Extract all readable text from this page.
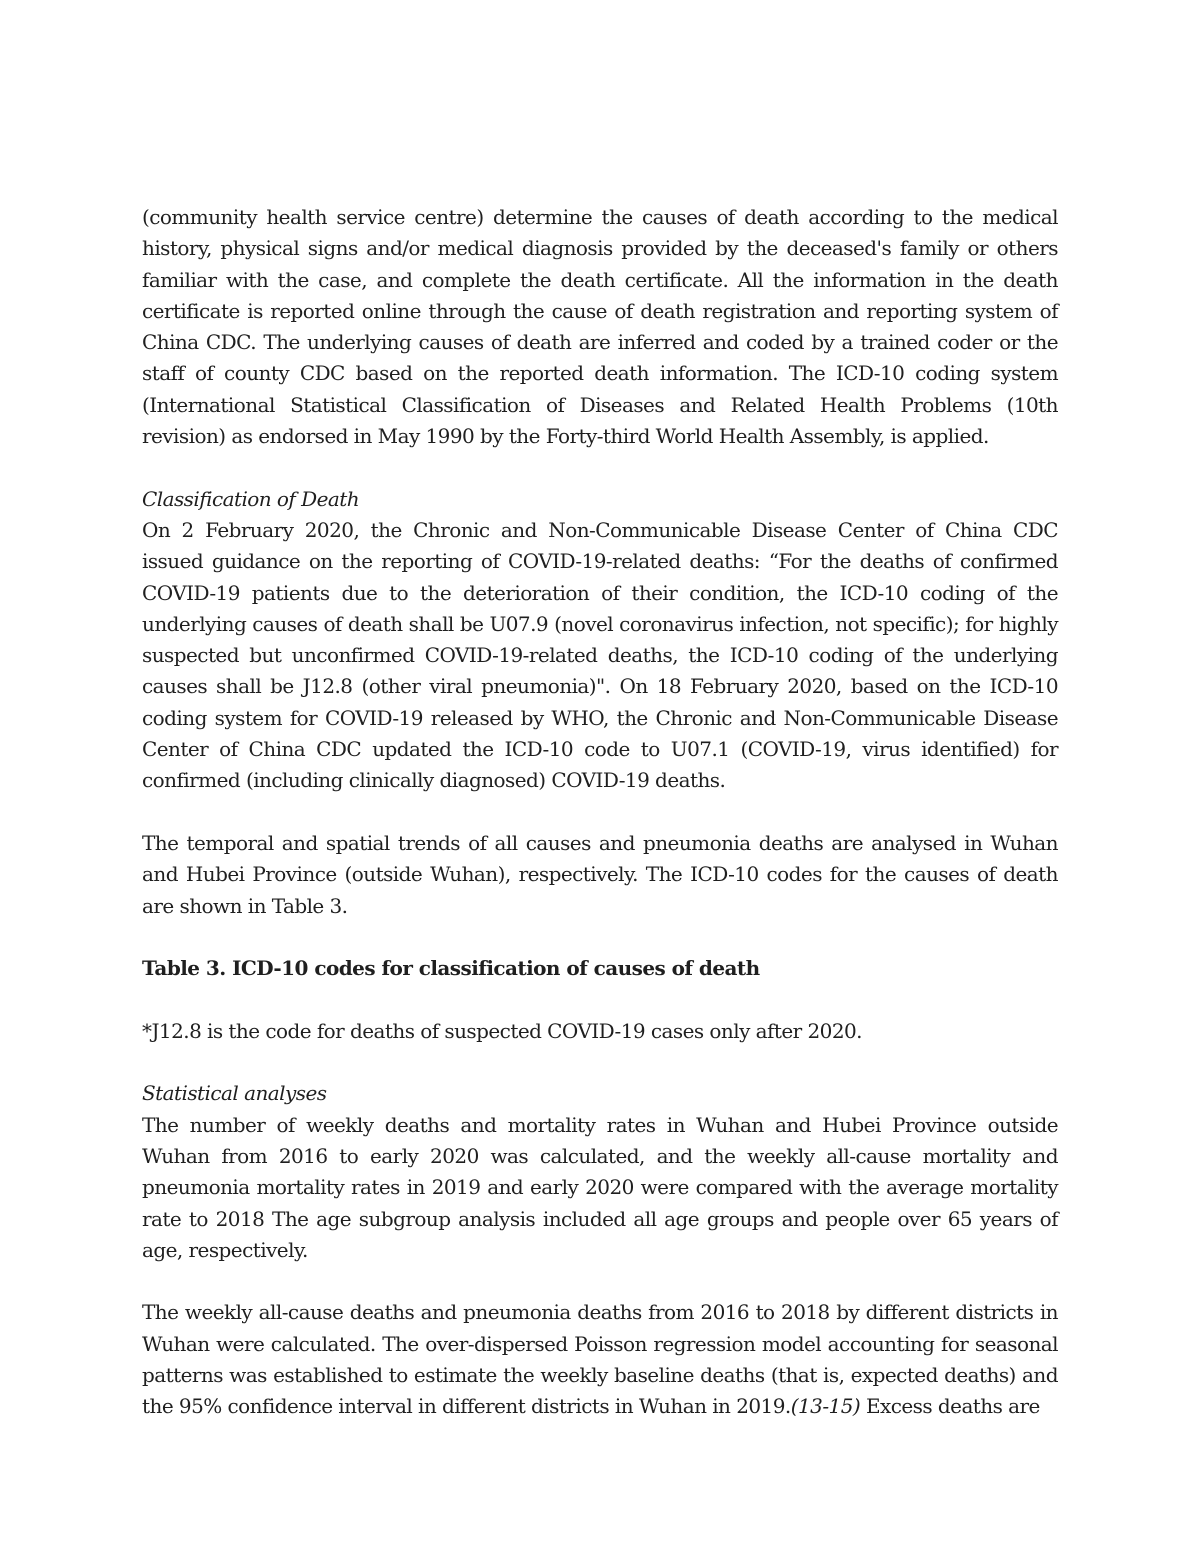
(community health service centre) determine the causes of death according to the medical history, physical signs and/or medical diagnosis provided by the deceased's family or others familiar with the case, and complete the death certificate. All the information in the death certificate is reported online through the cause of death registration and reporting system of China CDC. The underlying causes of death are inferred and coded by a trained coder or the staff of county CDC based on the reported death information. The ICD-10 coding system (International Statistical Classification of Diseases and Related Health Problems (10th revision) as endorsed in May 1990 by the Forty-third World Health Assembly, is applied.

Classification of Death

On 2 February 2020, the Chronic and Non-Communicable Disease Center of China CDC issued guidance on the reporting of COVID-19-related deaths: “For the deaths of confirmed COVID-19 patients due to the deterioration of their condition, the ICD-10 coding of the underlying causes of death shall be U07.9 (novel coronavirus infection, not specific); for highly suspected but unconfirmed COVID-19-related deaths, the ICD-10 coding of the underlying causes shall be J12.8 (other viral pneumonia)". On 18 February 2020, based on the ICD-10 coding system for COVID-19 released by WHO, the Chronic and Non-Communicable Disease Center of China CDC updated the ICD-10 code to U07.1 (COVID-19, virus identified) for confirmed (including clinically diagnosed) COVID-19 deaths.

The temporal and spatial trends of all causes and pneumonia deaths are analysed in Wuhan and Hubei Province (outside Wuhan), respectively. The ICD-10 codes for the causes of death are shown in Table 3.

Table 3. ICD-10 codes for classification of causes of death

*J12.8 is the code for deaths of suspected COVID-19 cases only after 2020.

Statistical analyses

The number of weekly deaths and mortality rates in Wuhan and Hubei Province outside Wuhan from 2016 to early 2020 was calculated, and the weekly all-cause mortality and pneumonia mortality rates in 2019 and early 2020 were compared with the average mortality rate to 2018 The age subgroup analysis included all age groups and people over 65 years of age, respectively.

The weekly all-cause deaths and pneumonia deaths from 2016 to 2018 by different districts in Wuhan were calculated. The over-dispersed Poisson regression model accounting for seasonal patterns was established to estimate the weekly baseline deaths (that is, expected deaths) and the 95% confidence interval in different districts in Wuhan in 2019.(13-15) Excess deaths are
